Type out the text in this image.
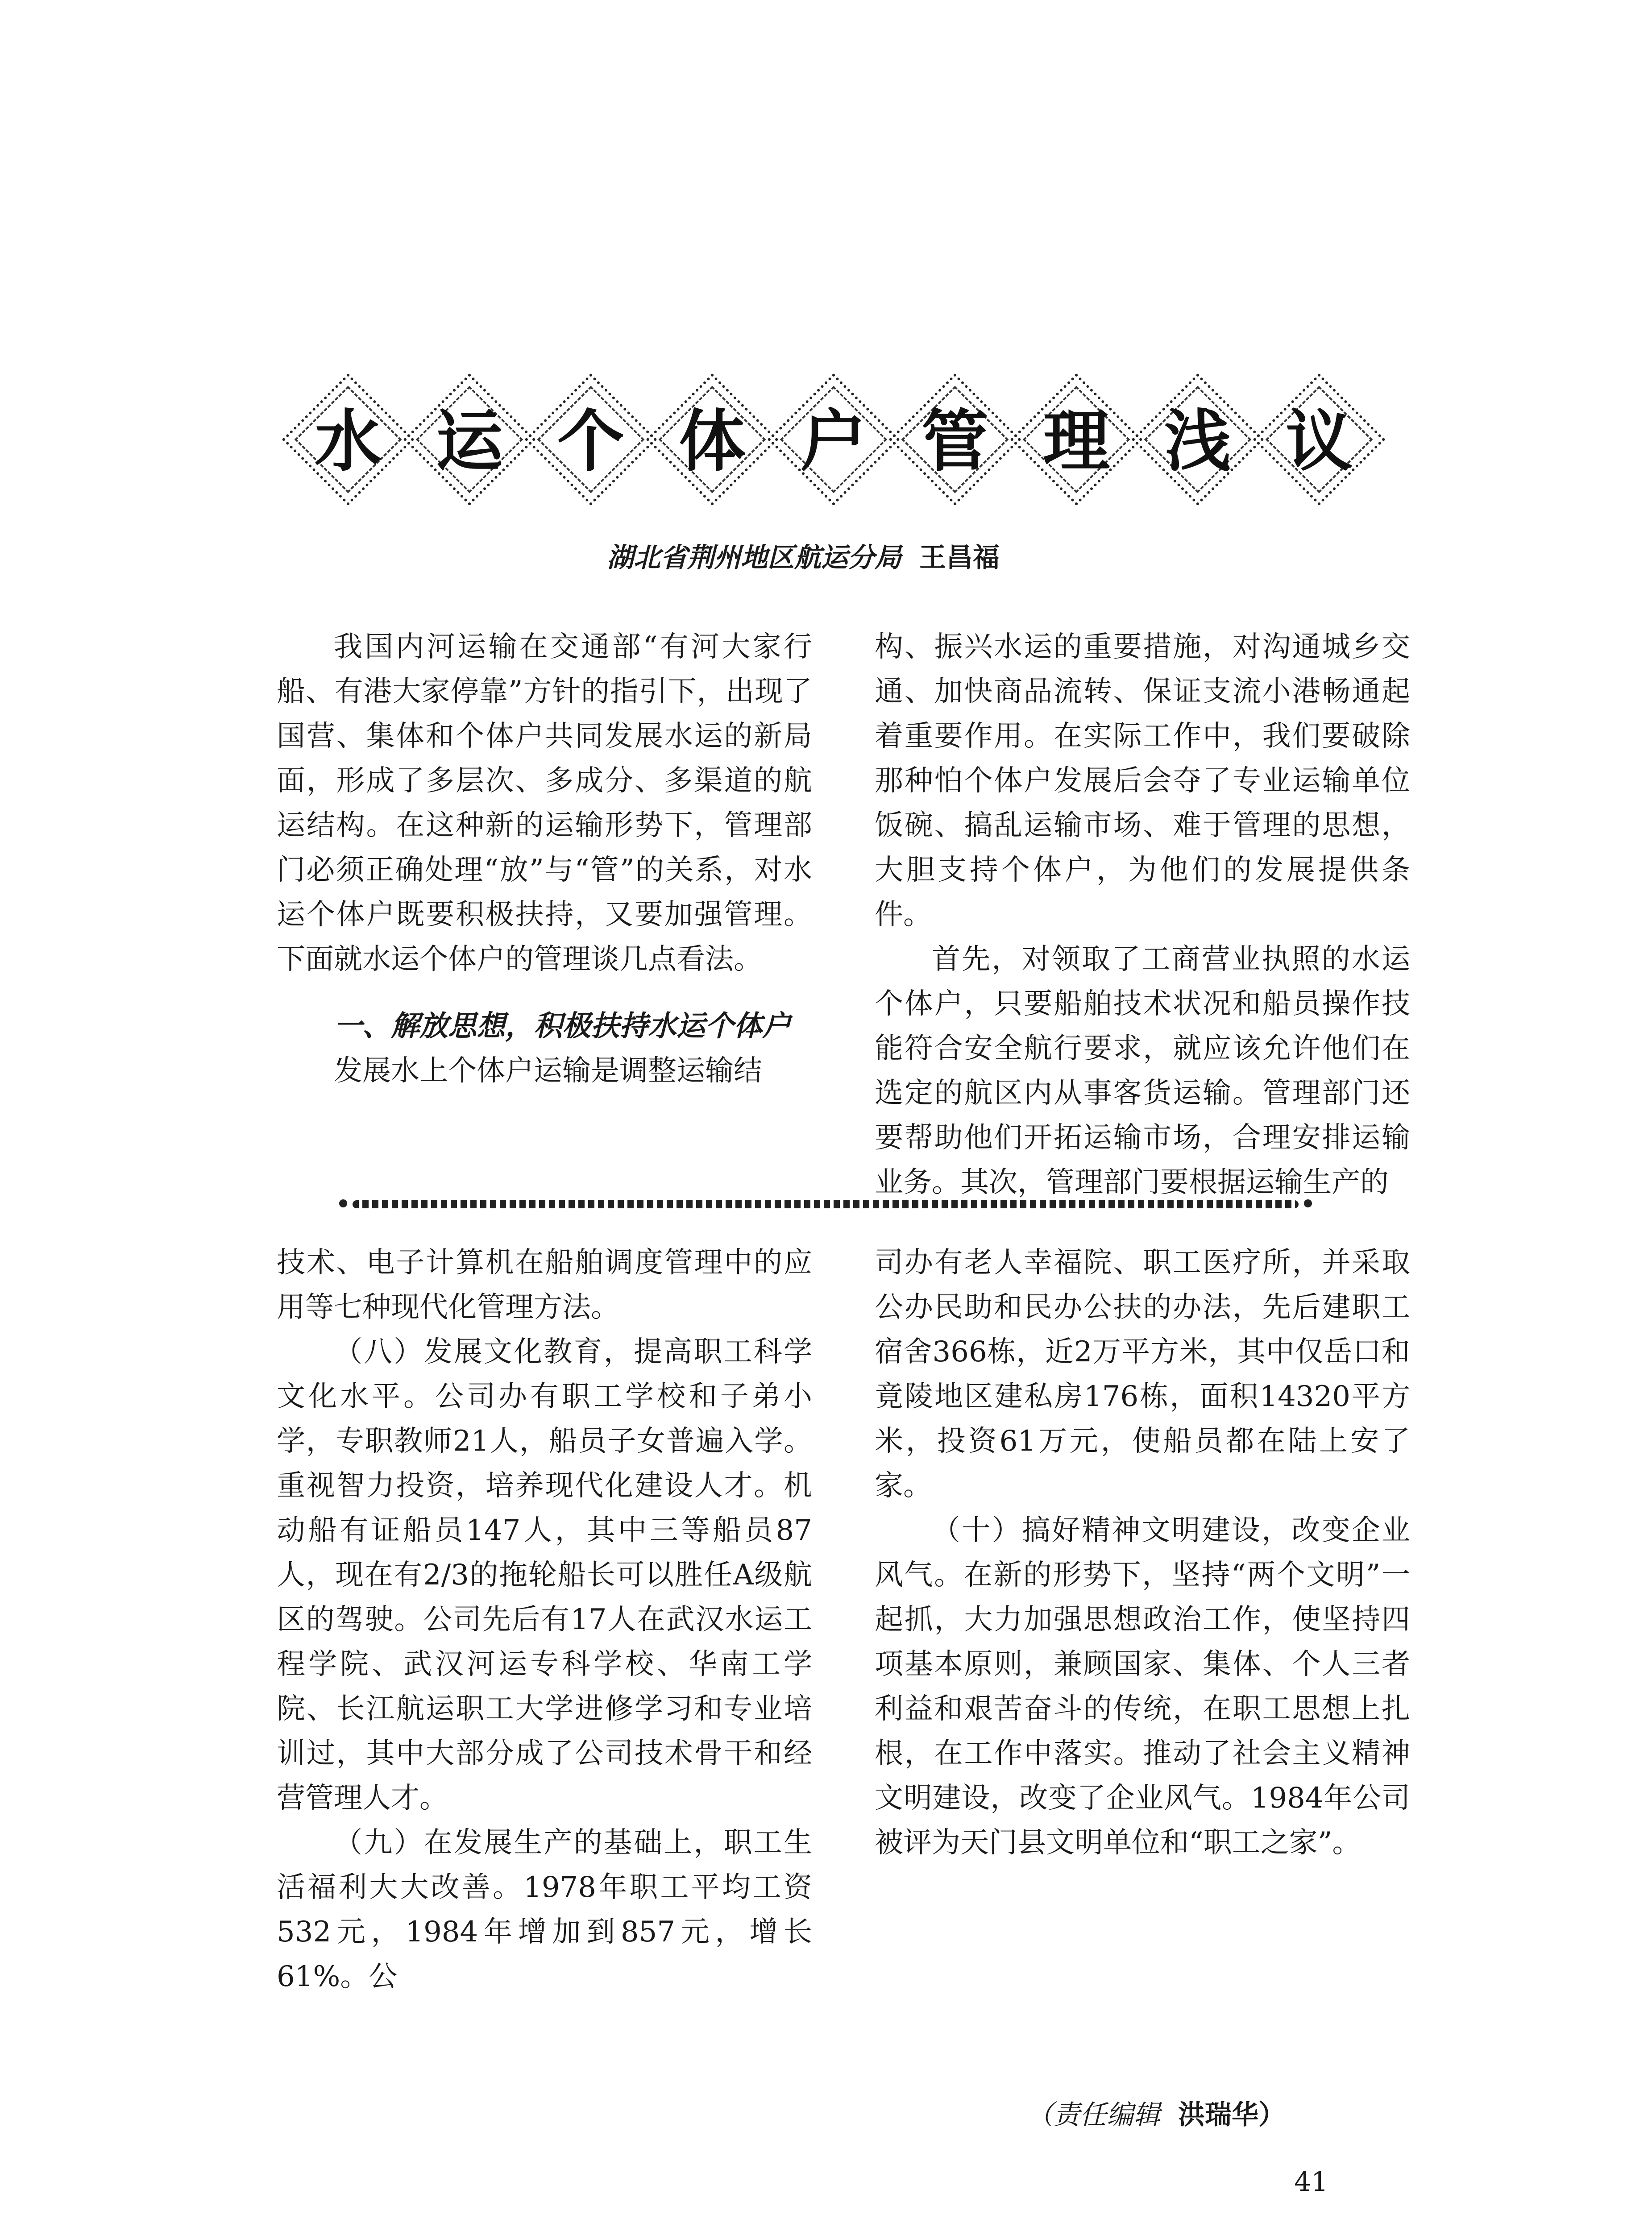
水 运 个 体 户 管 理 浅 议
湖北省荆州地区航运分局 王昌福

我国内河运输在交通部“有河大家行船、有港大家停靠”方针的指引下，出现了国营、集体和个体户共同发展水运的新局面，形成了多层次、多成分、多渠道的航运结构。在这种新的运输形势下，管理部门必须正确处理“放”与“管”的关系，对水运个体户既要积极扶持，又要加强管理。下面就水运个体户的管理谈几点看法。

一、解放思想，积极扶持水运个体户

发展水上个体户运输是调整运输结

构、振兴水运的重要措施，对沟通城乡交通、加快商品流转、保证支流小港畅通起着重要作用。在实际工作中，我们要破除那种怕个体户发展后会夺了专业运输单位饭碗、搞乱运输市场、难于管理的思想，大胆支持个体户，为他们的发展提供条件。

首先，对领取了工商营业执照的水运个体户，只要船舶技术状况和船员操作技能符合安全航行要求，就应该允许他们在选定的航区内从事客货运输。管理部门还要帮助他们开拓运输市场，合理安排运输业务。其次，管理部门要根据运输生产的

技术、电子计算机在船舶调度管理中的应用等七种现代化管理方法。

（八）发展文化教育，提高职工科学文化水平。公司办有职工学校和子弟小学，专职教师21人，船员子女普遍入学。重视智力投资，培养现代化建设人才。机动船有证船员147人，其中三等船员87人，现在有2/3的拖轮船长可以胜任A级航区的驾驶。公司先后有17人在武汉水运工程学院、武汉河运专科学校、华南工学院、长江航运职工大学进修学习和专业培训过，其中大部分成了公司技术骨干和经营管理人才。

（九）在发展生产的基础上，职工生活福利大大改善。1978年职工平均工资532元，1984年增加到857元，增长61%。公

司办有老人幸福院、职工医疗所，并采取公办民助和民办公扶的办法，先后建职工宿舍366栋，近2万平方米，其中仅岳口和竟陵地区建私房176栋，面积14320平方米，投资61万元，使船员都在陆上安了家。

（十）搞好精神文明建设，改变企业风气。在新的形势下，坚持“两个文明”一起抓，大力加强思想政治工作，使坚持四项基本原则，兼顾国家、集体、个人三者利益和艰苦奋斗的传统，在职工思想上扎根，在工作中落实。推动了社会主义精神文明建设，改变了企业风气。1984年公司被评为天门县文明单位和“职工之家”。

（责任编辑 洪瑞华）
41
